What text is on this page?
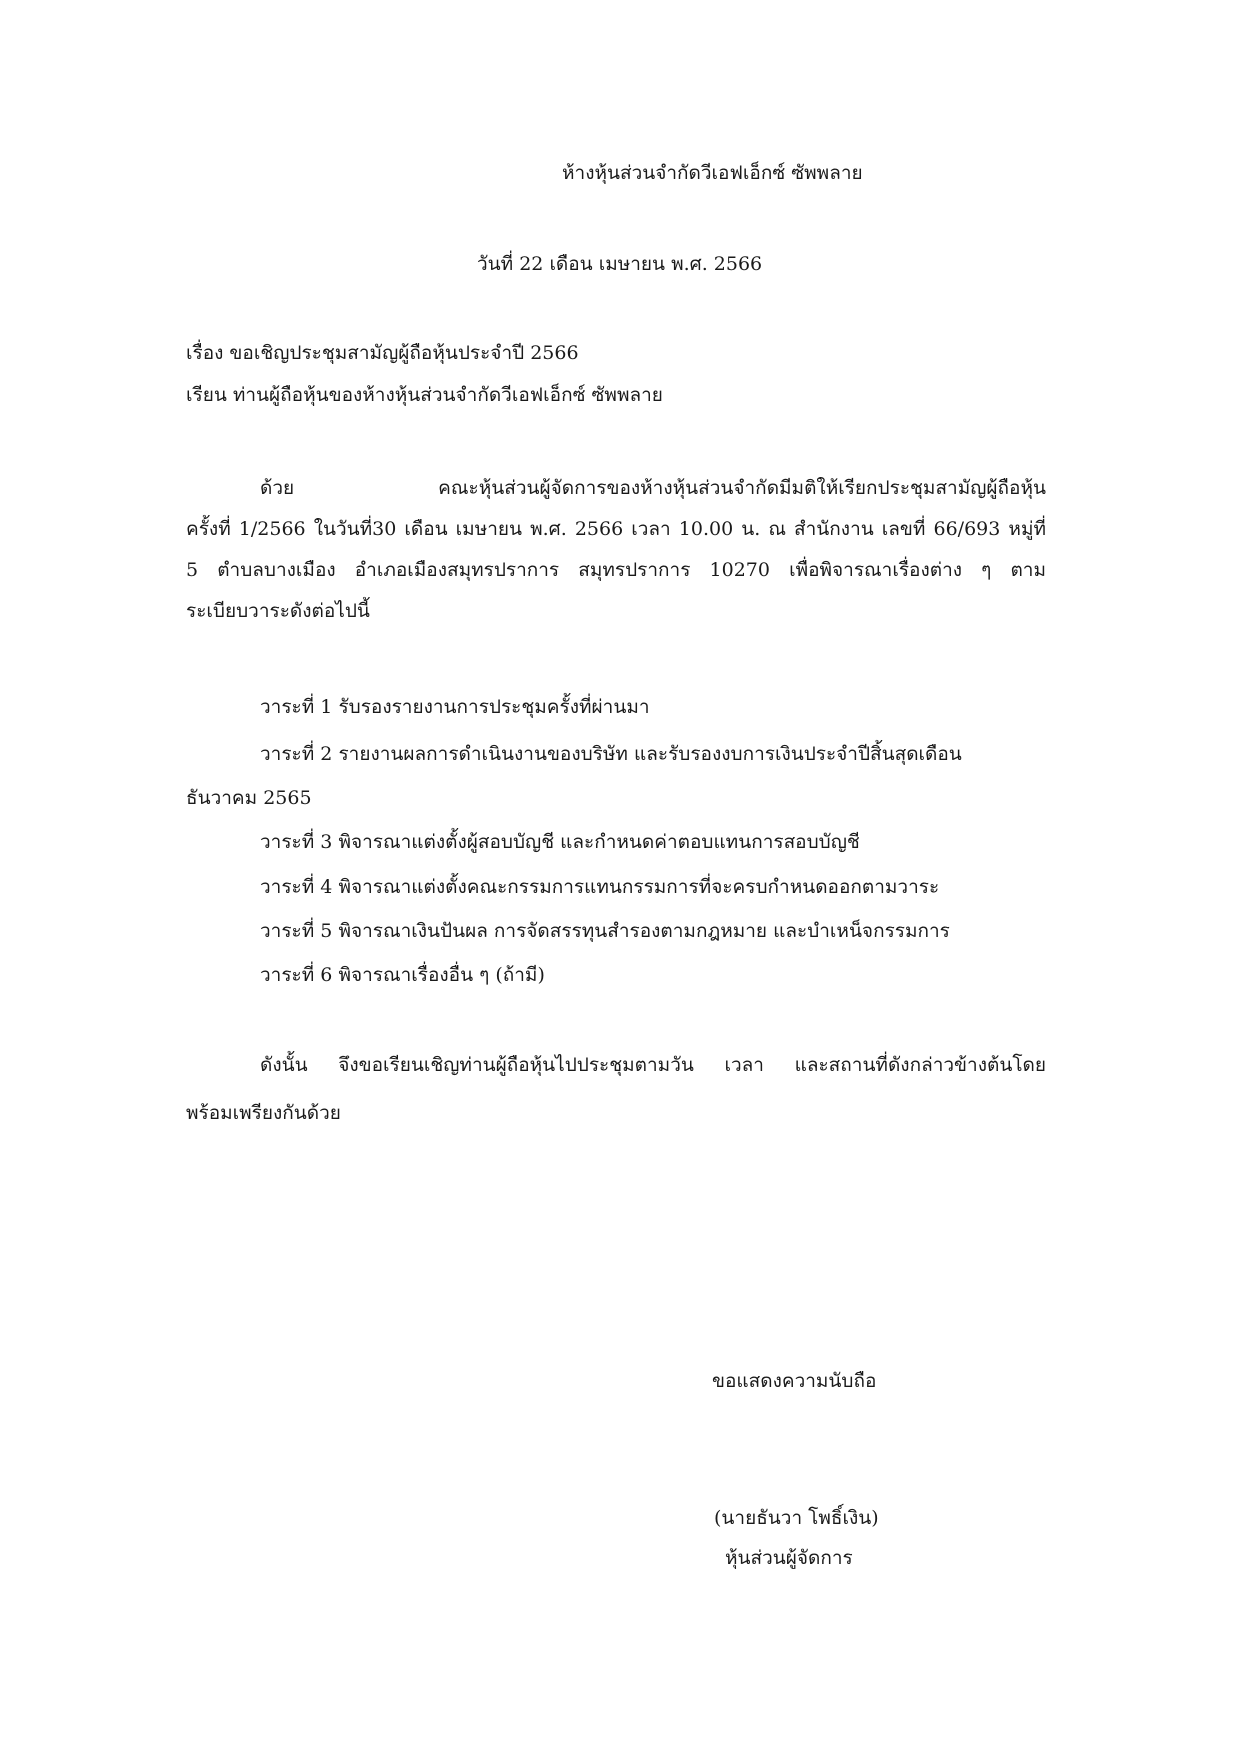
ห้างหุ้นส่วนจำกัดวีเอฟเอ็กซ์ ซัพพลาย
วันที่ 22 เดือน เมษายน พ.ศ. 2566
เรื่อง ขอเชิญประชุมสามัญผู้ถือหุ้นประจำปี 2566
เรียน ท่านผู้ถือหุ้นของห้างหุ้นส่วนจำกัดวีเอฟเอ็กซ์ ซัพพลาย
ด้วย คณะหุ้นส่วนผู้จัดการของห้างหุ้นส่วนจำกัดมีมติให้เรียกประชุมสามัญผู้ถือหุ้น
ครั้งที่ 1/2566 ในวันที่30 เดือน เมษายน พ.ศ. 2566 เวลา 10.00 น. ณ สำนักงาน เลขที่ 66/693 หมู่ที่
5 ตำบลบางเมือง อำเภอเมืองสมุทรปราการ สมุทรปราการ 10270 เพื่อพิจารณาเรื่องต่าง ๆ ตาม
ระเบียบวาระดังต่อไปนี้
วาระที่ 1 รับรองรายงานการประชุมครั้งที่ผ่านมา
วาระที่ 2 รายงานผลการดำเนินงานของบริษัท และรับรองงบการเงินประจำปีสิ้นสุดเดือน
ธันวาคม 2565
วาระที่ 3 พิจารณาแต่งตั้งผู้สอบบัญชี และกำหนดค่าตอบแทนการสอบบัญชี
วาระที่ 4 พิจารณาแต่งตั้งคณะกรรมการแทนกรรมการที่จะครบกำหนดออกตามวาระ
วาระที่ 5 พิจารณาเงินปันผล การจัดสรรทุนสำรองตามกฎหมาย และบำเหน็จกรรมการ
วาระที่ 6 พิจารณาเรื่องอื่น ๆ (ถ้ามี)
ดังนั้น จึงขอเรียนเชิญท่านผู้ถือหุ้นไปประชุมตามวัน เวลา และสถานที่ดังกล่าวข้างต้นโดย
พร้อมเพรียงกันด้วย
ขอแสดงความนับถือ
(นายธันวา โพธิ์เงิน)
หุ้นส่วนผู้จัดการ
